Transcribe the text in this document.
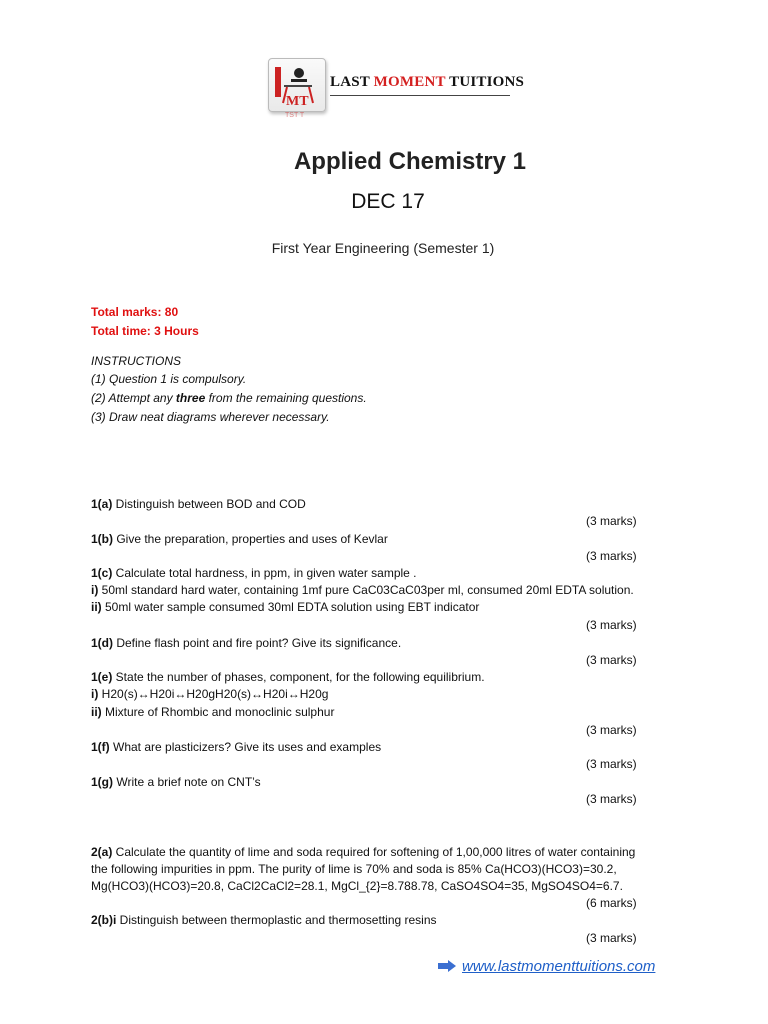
MT
TST T
LAST MOMENT TUITIONS
Applied Chemistry 1
DEC 17
First Year Engineering (Semester 1)
Total marks: 80
Total time: 3 Hours
INSTRUCTIONS
(1) Question 1 is compulsory.
(2) Attempt any three from the remaining questions.
(3) Draw neat diagrams wherever necessary.
1(a) Distinguish between BOD and COD
(3 marks)
1(b) Give the preparation, properties and uses of Kevlar
(3 marks)
1(c) Calculate total hardness, in ppm, in given water sample .
i) 50ml standard hard water, containing 1mf pure CaC03CaC03per ml, consumed 20ml EDTA solution.
ii) 50ml water sample consumed 30ml EDTA solution using EBT indicator
(3 marks)
1(d) Define flash point and fire point? Give its significance.
(3 marks)
1(e) State the number of phases, component, for the following equilibrium.
i) H20(s)↔H20i↔H20gH20(s)↔H20i↔H20g
ii) Mixture of Rhombic and monoclinic sulphur
(3 marks)
1(f) What are plasticizers? Give its uses and examples
(3 marks)
1(g) Write a brief note on CNT’s
(3 marks)
2(a) Calculate the quantity of lime and soda required for softening of 1,00,000 litres of water containing
the following impurities in ppm. The purity of lime is 70% and soda is 85% Ca(HCO3)(HCO3)=30.2,
Mg(HCO3)(HCO3)=20.8, CaCl2CaCl2=28.1, MgCl_{2}=8.788.78, CaSO4SO4=35, MgSO4SO4=6.7.
(6 marks)
2(b)i Distinguish between thermoplastic and thermosetting resins
(3 marks)
www.lastmomenttuitions.com
